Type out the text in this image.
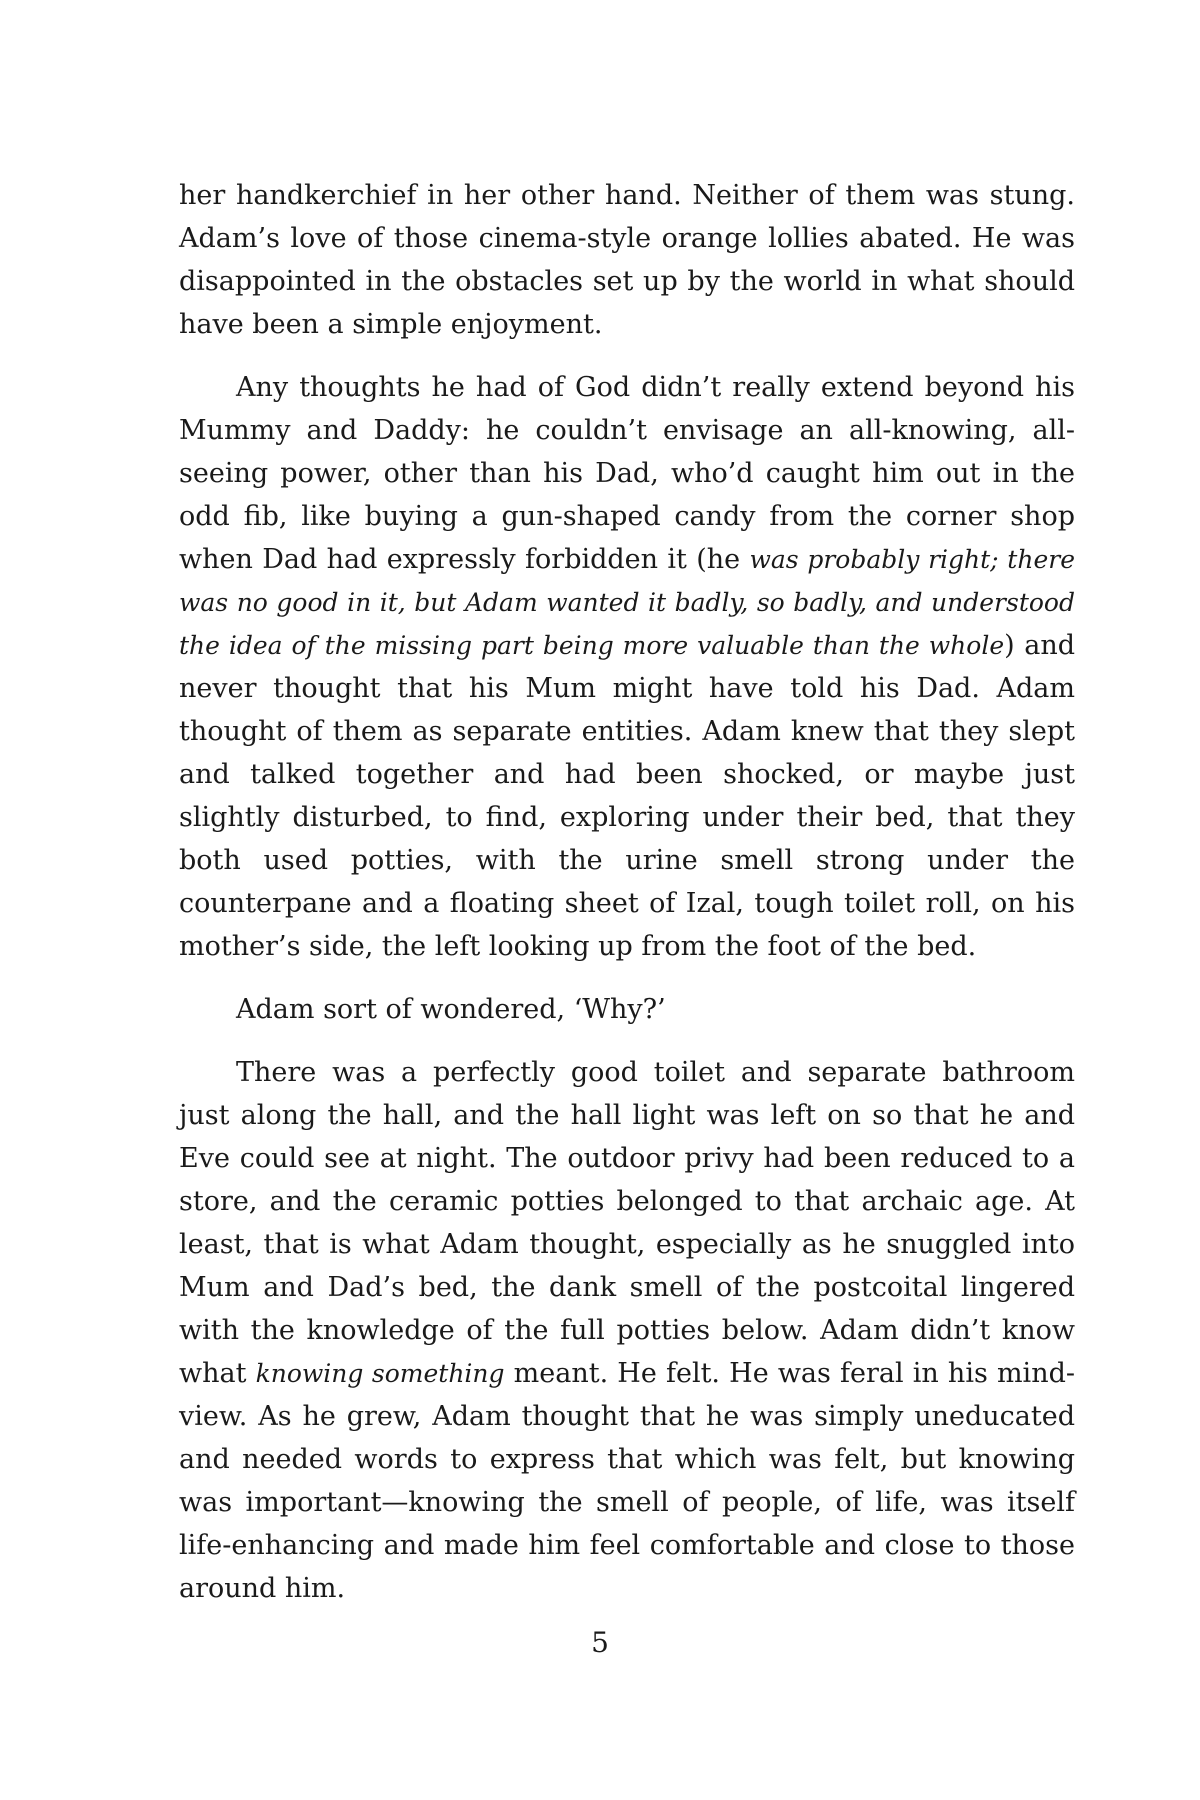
her handkerchief in her other hand. Neither of them was stung. Adam’s love of those cinema-style orange lollies abated. He was disappointed in the obstacles set up by the world in what should have been a simple enjoyment.

Any thoughts he had of God didn’t really extend beyond his Mummy and Daddy: he couldn’t envisage an all-knowing, all-seeing power, other than his Dad, who’d caught him out in the odd fib, like buying a gun-shaped candy from the corner shop when Dad had expressly forbidden it (he was probably right; there was no good in it, but Adam wanted it badly, so badly, and understood the idea of the missing part being more valuable than the whole) and never thought that his Mum might have told his Dad. Adam thought of them as separate entities. Adam knew that they slept and talked together and had been shocked, or maybe just slightly disturbed, to find, exploring under their bed, that they both used potties, with the urine smell strong under the counterpane and a floating sheet of Izal, tough toilet roll, on his mother’s side, the left looking up from the foot of the bed.

Adam sort of wondered, ‘Why?’

There was a perfectly good toilet and separate bathroom just along the hall, and the hall light was left on so that he and Eve could see at night. The outdoor privy had been reduced to a store, and the ceramic potties belonged to that archaic age. At least, that is what Adam thought, especially as he snuggled into Mum and Dad’s bed, the dank smell of the postcoital lingered with the knowledge of the full potties below. Adam didn’t know what knowing something meant. He felt. He was feral in his mind-view. As he grew, Adam thought that he was simply uneducated and needed words to express that which was felt, but knowing was important—knowing the smell of people, of life, was itself life-enhancing and made him feel comfortable and close to those around him.

5
